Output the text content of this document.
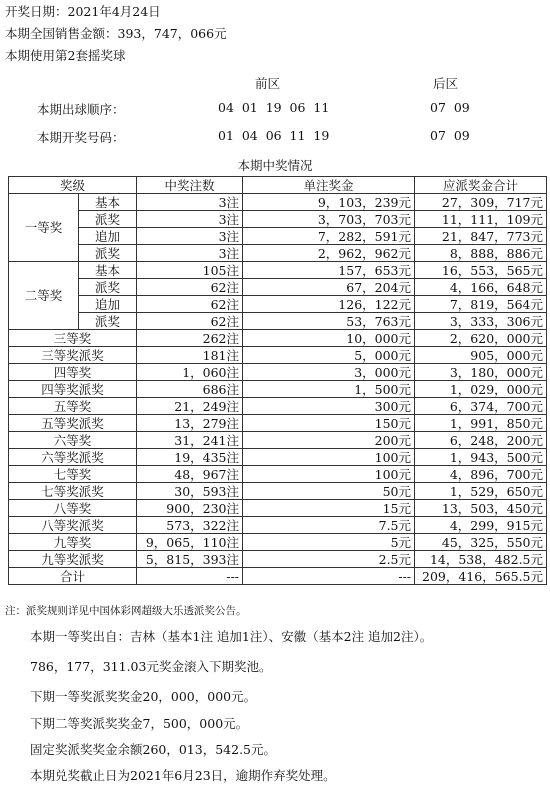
开奖日期：2021年4月24日
本期全国销售金额：393，747，066元
本期使用第2套摇奖球
前区	后区
本期出球顺序：	04  01  19  06  11	07  09
本期开奖号码：	01  04  06  11  19	07  09
本期中奖情况
奖级		中奖注数	单注奖金	应派奖金合计
一等奖	基本	3注	9，103，239元	27，309，717元
	派奖	3注	3，703，703元	11，111，109元
	追加	3注	7，282，591元	21，847，773元
	派奖	3注	2，962，962元	8，888，886元
二等奖	基本	105注	157，653元	16，553，565元
	派奖	62注	67，204元	4，166，648元
	追加	62注	126，122元	7，819，564元
	派奖	62注	53，763元	3，333，306元
三等奖		262注	10，000元	2，620，000元
三等奖派奖		181注	5，000元	905，000元
四等奖		1，060注	3，000元	3，180，000元
四等奖派奖		686注	1，500元	1，029，000元
五等奖		21，249注	300元	6，374，700元
五等奖派奖		13，279注	150元	1，991，850元
六等奖		31，241注	200元	6，248，200元
六等奖派奖		19，435注	100元	1，943，500元
七等奖		48，967注	100元	4，896，700元
七等奖派奖		30，593注	50元	1，529，650元
八等奖		900，230注	15元	13，503，450元
八等奖派奖		573，322注	7.5元	4，299，915元
九等奖		9，065，110注	5元	45，325，550元
九等奖派奖		5，815，393注	2.5元	14，538，482.5元
合计		---	---	209，416，565.5元
注：派奖规则详见中国体彩网超级大乐透派奖公告。
本期一等奖出自：吉林（基本1注 追加1注）、安徽（基本2注 追加2注）。
786，177，311.03元奖金滚入下期奖池。
下期一等奖派奖奖金20，000，000元。
下期二等奖派奖奖金7，500，000元。
固定奖派奖奖金余额260，013，542.5元。
本期兑奖截止日为2021年6月23日，逾期作弃奖处理。
